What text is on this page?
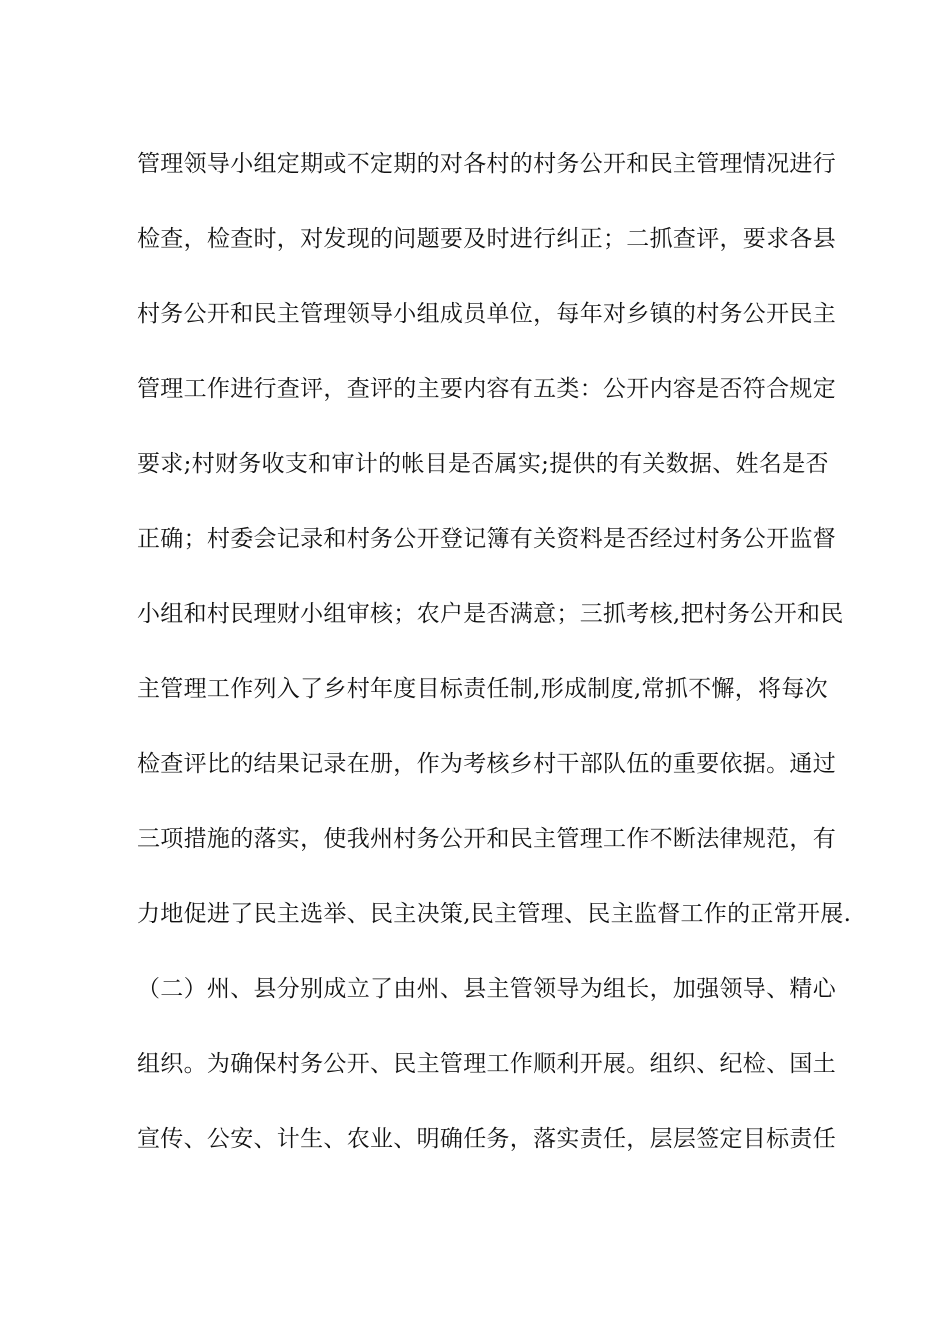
管理领导小组定期或不定期的对各村的村务公开和民主管理情况进行
检查，检查时，对发现的问题要及时进行纠正；二抓查评，要求各县
村务公开和民主管理领导小组成员单位，每年对乡镇的村务公开民主
管理工作进行查评，查评的主要内容有五类：公开内容是否符合规定
要求;村财务收支和审计的帐目是否属实;提供的有关数据、姓名是否
正确；村委会记录和村务公开登记簿有关资料是否经过村务公开监督
小组和村民理财小组审核；农户是否满意；三抓考核,把村务公开和民
主管理工作列入了乡村年度目标责任制,形成制度,常抓不懈，将每次
检查评比的结果记录在册，作为考核乡村干部队伍的重要依据。通过
三项措施的落实，使我州村务公开和民主管理工作不断法律规范，有
力地促进了民主选举、民主决策,民主管理、民主监督工作的正常开展.
（二）州、县分别成立了由州、县主管领导为组长，加强领导、精心
组织。为确保村务公开、民主管理工作顺利开展。组织、纪检、国土
宣传、公安、计生、农业、明确任务，落实责任，层层签定目标责任
